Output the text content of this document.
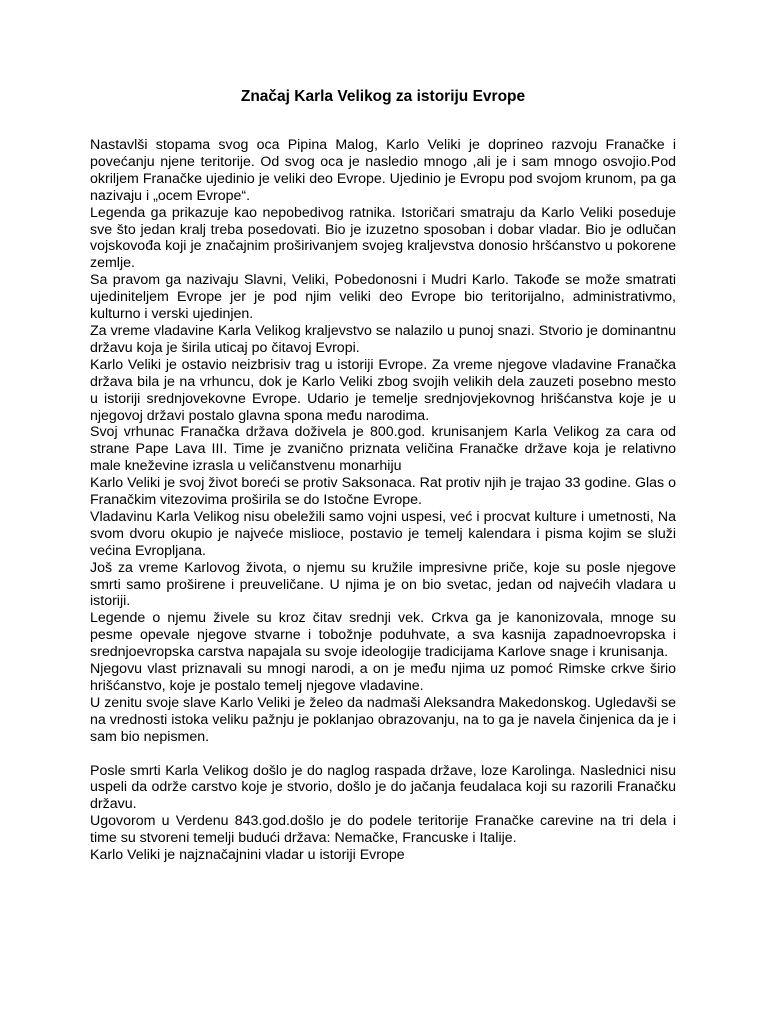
Značaj Karla Velikog za istoriju Evrope

Nastavlši stopama svog oca Pipina Malog, Karlo Veliki je doprineo razvoju Franačke i povećanju njene teritorije. Od svog oca je nasledio mnogo ,ali je i sam mnogo osvojio.Pod okriljem Franačke ujedinio je veliki deo Evrope. Ujedinio je Evropu pod svojom krunom, pa ga nazivaju i „ocem Evrope“.

Legenda ga prikazuje kao nepobedivog ratnika. Istoričari smatraju da Karlo Veliki poseduje sve što jedan kralj treba posedovati. Bio je izuzetno sposoban i dobar vladar. Bio je odlučan vojskovođa koji je značajnim proširivanjem svojeg kraljevstva donosio hršćanstvo u pokorene zemlje.

Sa pravom ga nazivaju Slavni, Veliki, Pobedonosni i Mudri Karlo. Takođe se može smatrati ujediniteljem Evrope jer je pod njim veliki deo Evrope bio teritorijalno, administrativmo, kulturno i verski ujedinjen.

Za vreme vladavine Karla Velikog kraljevstvo se nalazilo u punoj snazi. Stvorio je dominantnu državu koja je širila uticaj po čitavoj Evropi.

Karlo Veliki je ostavio neizbrisiv trag u istoriji Evrope. Za vreme njegove vladavine Franačka država bila je na vrhuncu, dok je Karlo Veliki zbog svojih velikih dela zauzeti posebno mesto u istoriji srednjovekovne Evrope. Udario je temelje srednjovjekovnog hrišćanstva koje je u njegovoj državi postalo glavna spona među narodima.

Svoj vrhunac Franačka država doživela je 800.god. krunisanjem Karla Velikog za cara od strane Pape Lava III. Time je zvanično priznata veličina Franačke države koja je relativno male kneževine izrasla u veličanstvenu monarhiju

Karlo Veliki je svoj život boreći se protiv Saksonaca. Rat protiv njih je trajao 33 godine. Glas o Franačkim vitezovima proširila se do Istočne Evrope.

Vladavinu Karla Velikog nisu obeležili samo vojni uspesi, već i procvat kulture i umetnosti, Na svom dvoru okupio je najveće mislioce, postavio je temelj kalendara i pisma kojim se služi većina Evropljana.

Još za vreme Karlovog života, o njemu su kružile impresivne priče, koje su posle njegove smrti samo proširene i preuveličane. U njima je on bio svetac, jedan od najvećih vladara u istoriji.

Legende o njemu živele su kroz čitav srednji vek. Crkva ga je kanonizovala, mnoge su pesme opevale njegove stvarne i tobožnje poduhvate, a sva kasnija zapadnoevropska i srednjoevropska carstva napajala su svoje ideologije tradicijama Karlove snage i krunisanja.

Njegovu vlast priznavali su mnogi narodi, a on je među njima uz pomoć Rimske crkve širio hrišćanstvo, koje je postalo temelj njegove vladavine.

U zenitu svoje slave Karlo Veliki je želeo da nadmaši Aleksandra Makedonskog. Ugledavši se na vrednosti istoka veliku pažnju je poklanjao obrazovanju, na to ga je navela činjenica da je i sam bio nepismen.

Posle smrti Karla Velikog došlo je do naglog raspada države, loze Karolinga. Naslednici nisu uspeli da održe carstvo koje je stvorio, došlo je do jačanja feudalaca koji su razorili Franačku državu.

Ugovorom u Verdenu 843.god.došlo je do podele teritorije Franačke carevine na tri dela i time su stvoreni temelji budući država: Nemačke, Francuske i Italije.

Karlo Veliki je najznačajnini vladar u istoriji Evrope
